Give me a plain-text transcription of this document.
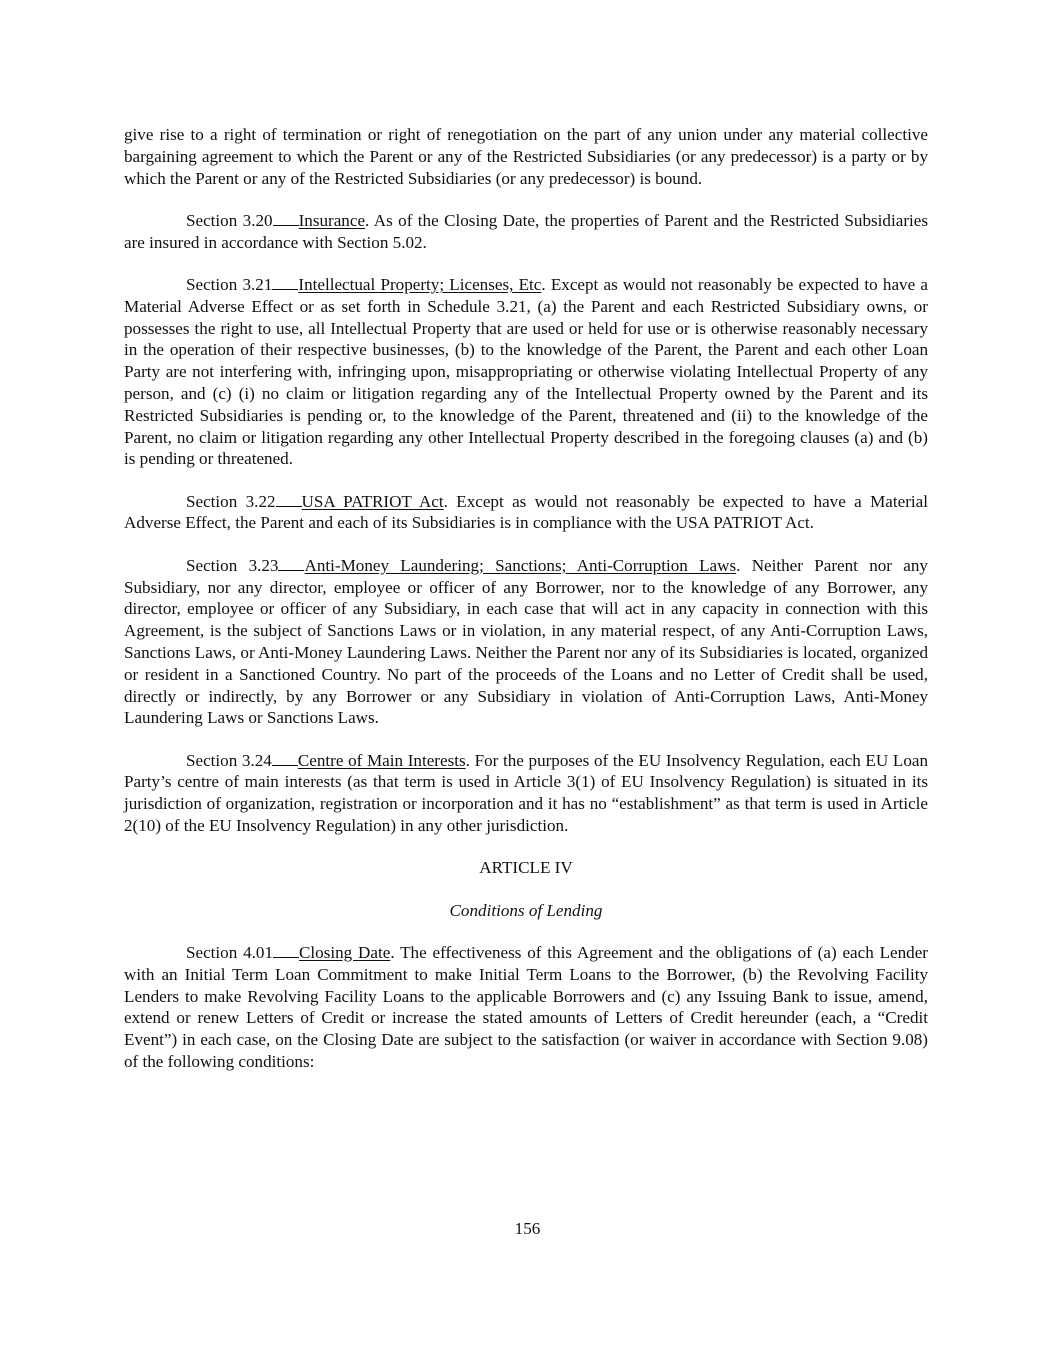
give rise to a right of termination or right of renegotiation on the part of any union under any material collective bargaining agreement to which the Parent or any of the Restricted Subsidiaries (or any predecessor) is a party or by which the Parent or any of the Restricted Subsidiaries (or any predecessor) is bound.

Section 3.20 Insurance. As of the Closing Date, the properties of Parent and the Restricted Subsidiaries are insured in accordance with Section 5.02.

Section 3.21 Intellectual Property; Licenses, Etc. Except as would not reasonably be expected to have a Material Adverse Effect or as set forth in Schedule 3.21, (a) the Parent and each Restricted Subsidiary owns, or possesses the right to use, all Intellectual Property that are used or held for use or is otherwise reasonably necessary in the operation of their respective businesses, (b) to the knowledge of the Parent, the Parent and each other Loan Party are not interfering with, infringing upon, misappropriating or otherwise violating Intellectual Property of any person, and (c) (i) no claim or litigation regarding any of the Intellectual Property owned by the Parent and its Restricted Subsidiaries is pending or, to the knowledge of the Parent, threatened and (ii) to the knowledge of the Parent, no claim or litigation regarding any other Intellectual Property described in the foregoing clauses (a) and (b) is pending or threatened.

Section 3.22 USA PATRIOT Act. Except as would not reasonably be expected to have a Material Adverse Effect, the Parent and each of its Subsidiaries is in compliance with the USA PATRIOT Act.

Section 3.23 Anti-Money Laundering; Sanctions; Anti-Corruption Laws. Neither Parent nor any Subsidiary, nor any director, employee or officer of any Borrower, nor to the knowledge of any Borrower, any director, employee or officer of any Subsidiary, in each case that will act in any capacity in connection with this Agreement, is the subject of Sanctions Laws or in violation, in any material respect, of any Anti-Corruption Laws, Sanctions Laws, or Anti-Money Laundering Laws. Neither the Parent nor any of its Subsidiaries is located, organized or resident in a Sanctioned Country. No part of the proceeds of the Loans and no Letter of Credit shall be used, directly or indirectly, by any Borrower or any Subsidiary in violation of Anti-Corruption Laws, Anti-Money Laundering Laws or Sanctions Laws.

Section 3.24 Centre of Main Interests. For the purposes of the EU Insolvency Regulation, each EU Loan Party’s centre of main interests (as that term is used in Article 3(1) of EU Insolvency Regulation) is situated in its jurisdiction of organization, registration or incorporation and it has no “establishment” as that term is used in Article 2(10) of the EU Insolvency Regulation) in any other jurisdiction.

ARTICLE IV
Conditions of Lending

Section 4.01 Closing Date. The effectiveness of this Agreement and the obligations of (a) each Lender with an Initial Term Loan Commitment to make Initial Term Loans to the Borrower, (b) the Revolving Facility Lenders to make Revolving Facility Loans to the applicable Borrowers and (c) any Issuing Bank to issue, amend, extend or renew Letters of Credit or increase the stated amounts of Letters of Credit hereunder (each, a “Credit Event”) in each case, on the Closing Date are subject to the satisfaction (or waiver in accordance with Section 9.08) of the following conditions:

156
